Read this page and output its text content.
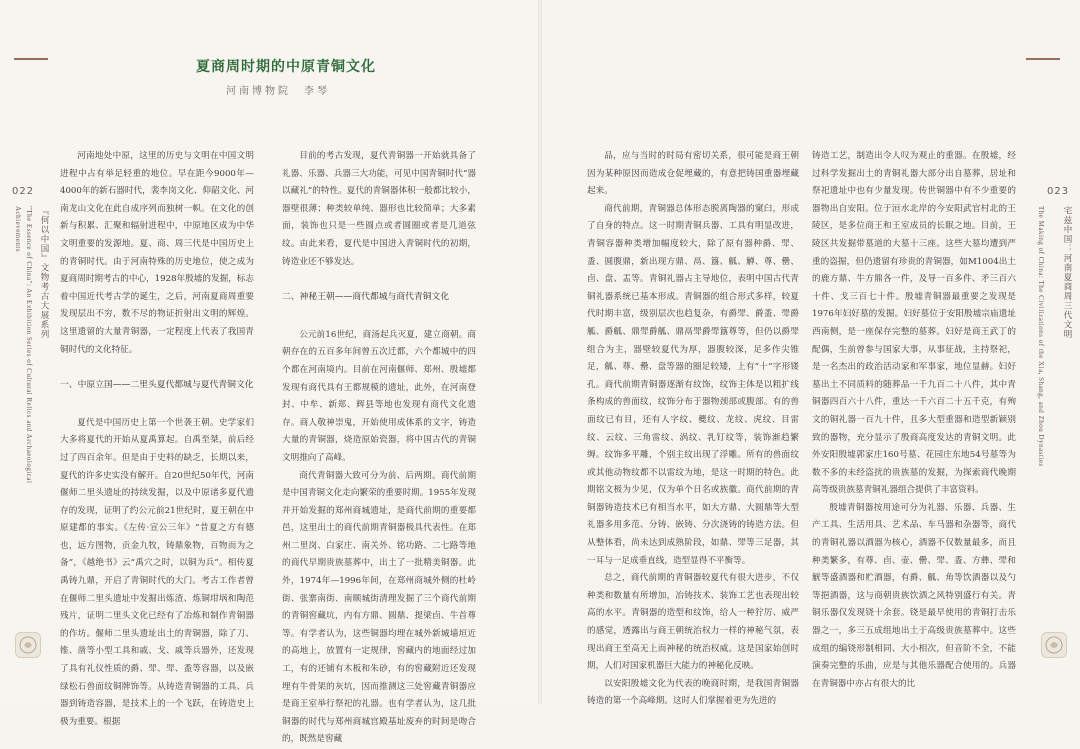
022	023
『何以中国』文物考古大展系列
"The Essence of China": An Exhibition Series of Cultural Relics and Archaeological Achievements	宅兹中国：河南夏商周三代文明
The Making of China: The Civilizations of the Xia, Shang, and Zhou Dynasties
夏商周时期的中原青铜文化
河南博物院　李琴

河南地处中原，这里的历史与文明在中国文明进程中占有举足轻重的地位。早在距今9000年—4000年的新石器时代，裴李岗文化、仰韶文化、河南龙山文化在此自成序列而独树一帜。在文化的创新与积累、汇聚和辐射进程中，中原地区成为中华文明重要的发源地。夏、商、周三代是中国历史上的青铜时代。由于河南特殊的历史地位，使之成为夏商周时期考古的中心，1928年殷墟的发掘，标志着中国近代考古学的诞生，之后，河南夏商周重要发现层出不穷，数不尽的物证折射出文明的辉煌。这里遗留的大量青铜器，一定程度上代表了我国青铜时代的文化特征。

一、中原立国——二里头夏代都城与夏代青铜文化

夏代是中国历史上第一个世袭王朝。史学家们大多将夏代的开始从夏禹算起。自禹至桀，前后经过了四百余年。但是由于史料的缺乏，长期以来，夏代的许多史实没有解开。自20世纪50年代，河南偃师二里头遗址的持续发掘，以及中原诸多夏代遗存的发现，证明了约公元前21世纪时，夏王朝在中原建都的事实。《左传·宣公三年》“昔夏之方有德也，远方图物，贡金九牧，铸鼎象物，百物而为之备”，《越绝书》云“禹穴之时，以铜为兵”。相传夏禹铸九鼎，开启了青铜时代的大门。考古工作者曾在偃师二里头遗址中发掘出炼渣、炼铜坩埚和陶范残片，证明二里头文化已经有了冶炼和制作青铜器的作坊。偃师二里头遗址出土的青铜器，除了刀、锥、凿等小型工具和戚、戈、戚等兵器外，还发现了具有礼仪性质的爵、斝、斝、盉等容器，以及嵌绿松石兽面纹铜牌饰等。从铸造青铜器的工具、兵器到铸造容器，是技术上的一个飞跃，在铸造史上极为重要。根据

目前的考古发现，夏代青铜器一开始就具备了礼器、乐器、兵器三大功能，可见中国青铜时代“器以藏礼”的特性。夏代的青铜器体积一般都比较小，器壁很薄；种类较单纯、器形也比较简单；大多素面，装饰也只是一些圆点或者圆圈或者是几道弦纹。由此来看，夏代是中国进入青铜时代的初期，铸造业还不够发达。

二、神秘王朝——商代都城与商代青铜文化

公元前16世纪，商汤起兵灭夏，建立商朝。商朝存在的五百多年间曾五次迁都，六个都城中的四个都在河南境内。目前在河南偃师、郑州、殷墟都发现有商代具有王都规模的遗址，此外，在河南登封、中牟、新郑、辉县等地也发现有商代文化遗存。商人敬神崇鬼，开始使用成体系的文字，铸造大量的青铜器，烧造原始瓷器，将中国古代的青铜文明推向了高峰。

商代青铜器大致可分为前、后两期。商代前期是中国青铜文化走向繁荣的重要时期。1955年发现并开始发掘的郑州商城遗址，是商代前期的重要都邑，这里出土的商代前期青铜器极具代表性。在郑州二里岗、白家庄、南关外、铭功路、二七路等地的商代早期贵族墓葬中，出土了一批精美铜器。此外，1974年—1996年间，在郑州商城外侧的杜岭街、张寨南街、南顺城街清理发掘了三个商代前期的青铜窖藏坑，内有方鼎、圆鼎、提梁卣、牛首尊等。有学者认为，这些铜器均埋在城外新城墙垣近的高地上，放置有一定规律，窖藏内的地面经过加工，有的还铺有木板和朱砂，有的窖藏附近还发现埋有牛骨架的灰坑，因而推测这三处窖藏青铜器应是商王室举行祭祀的礼器。也有学者认为，这几批铜器的时代与郑州商城宫殿基址废弃的时间是吻合的，既然是窖藏

品，应与当时的时局有密切关系，很可能是商王朝因为某种原因而造成仓促埋藏的，有意把铸国重器埋藏起来。

商代前期，青铜器总体形态脱离陶器的窠臼，形成了自身的特点。这一时期青铜兵器、工具有明显改进，青铜容器种类增加幅度较大，除了原有器种爵、斝、盉、圆腹鼎，新出现方鼎、鬲、簋、觚、觯、尊、罍、卣、盘、盂等。青铜礼器占主导地位，表明中国古代青铜礼器系统已基本形成。青铜器的组合形式多样，较夏代时期丰富，级别层次也趋复杂，有爵斝、爵盉、斝爵觚、爵觚、鼎斝爵觚、鼎鬲斝爵斝簋尊等，但仍以爵斝组合为主，器壁较夏代为厚，器腹较深，足多作尖锥足，觚、尊、罍、盘等器的圈足较矮，上有“十”字形镂孔。商代前期青铜器逐渐有纹饰，纹饰主体是以粗扩线条构成的兽面纹，纹饰分布于器物颈部或腹部。有的兽面纹已有目，还有人字纹、夔纹、龙纹、虎纹、目雷纹、云纹、三角雷纹、涡纹、乳钉纹等，装饰渐趋繁缛。纹饰多平雕，个别主纹出现了浮雕。所有的兽面纹或其他动物纹都不以雷纹为地，是这一时期的特色。此期铭文极为少见，仅为单个日名或族徽。商代前期的青铜器铸造技术已有相当水平，如大方鼎、大圆鼎等大型礼器多用多范、分铸、嵌铸、分次浇铸的铸造方法。但从整体看，尚未达到成熟阶段，如鼎、斝等三足器，其一耳与一足成垂直线，造型显得不平衡等。

总之，商代前期的青铜器较夏代有很大进步，不仅种类和数量有所增加，冶铸技术、装饰工艺也表现出较高的水平。青铜器的造型和纹饰，给人一种狞厉、威严的感觉，透露出与商王朝统治权力一样的神秘气氛，表现出商王至高无上而神秘的统治权威。这是国家始创时期，人们对国家机器巨大能力的神秘化反映。

以安阳殷墟文化为代表的晚商时期，是我国青铜器铸造的第一个高峰期。这时人们掌握着更为先进的

铸造工艺，制造出令人叹为观止的重器。在殷墟，经过科学发掘出土的青铜礼器大部分出自墓葬，居址和祭祀遗址中也有少量发现。传世铜器中有不少重要的器物出自安阳。位于洹水北岸的今安阳武官村北的王陵区，是多位商王和王室成员的长眠之地。目前，王陵区共发掘带墓道的大墓十三座。这些大墓均遭到严重的盗掘，但仍遗留有珍贵的青铜器，如M1004出土的鹿方鼎、牛方鼎各一件，及导一百多件、矛三百六十件、戈三百七十件。殷墟青铜器最重要之发现是1976年妇好墓的发掘。妇好墓位于安阳殷墟宗庙遗址西南侧，是一座保存完整的墓葬。妇好是商王武丁的配偶，生前曾参与国家大事，从事征战，主持祭祀，是一名杰出的政治活动家和军事家，地位显赫。妇好墓出土不同质料的随葬品一千九百二十八件，其中青铜器四百六十八件，重达一千六百二十五千克，有殉文的铜礼器一百九十件，且多大型重器和造型新颖别致的器物，充分显示了殷商高度发达的青铜文明。此外安阳殷墟郭家庄160号墓、花园庄东地54号墓等为数不多的未经盗扰的贵族墓的发掘，为探索商代晚期高等级贵族墓青铜礼器组合提供了丰富资料。

殷墟青铜器按用途可分为礼器、乐器、兵器、生产工具、生活用具、艺术品、车马器和杂器等，商代的青铜礼器以酒器为核心，酒器不仅数量最多，而且种类繁多，有尊、卣、壶、罍、斝、盉、方彝、斝和觥等盛酒器和贮酒器，有爵、觚、角等饮酒器以及勺等挹酒器，这与商朝贵族饮酒之风特别盛行有关。青铜乐器仅发现铙十余套。铙是最早使用的青铜打击乐器之一，多三五成组地出土于高级贵族墓葬中。这些成组的编铙形制相同、大小相次，但音阶不全，不能演奏完整的乐曲，应是与其他乐器配合使用的。兵器在青铜器中亦占有很大的比
